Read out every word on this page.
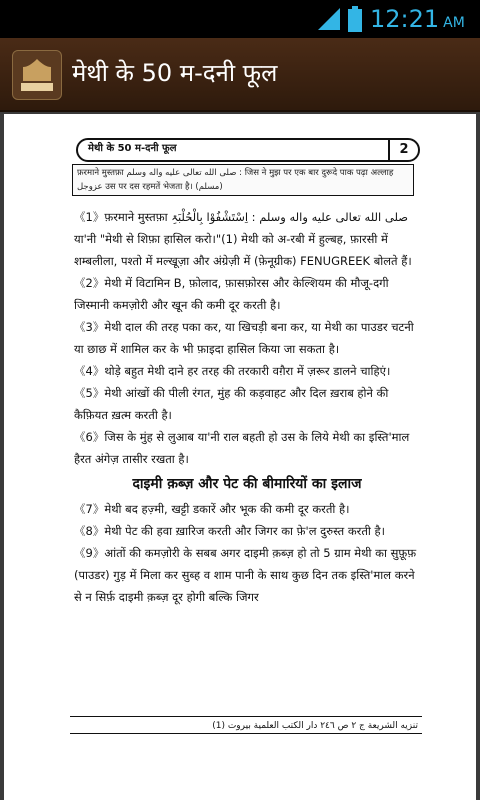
12:21 AM
मेथी के 50 म-दनी फूल
मेथी के 50 म-दनी फूल	2
फ़रमाने मुस्तफ़ा صلى الله تعالى عليه واله وسلم : जिस ने मुझ पर एक बार दुरूदे पाक पढ़ा अल्लाह عزوجل उस पर दस रहमतें भेजता है। (مسلم)

《1》फ़रमाने मुस्तफ़ा صلى الله تعالى عليه واله وسلم : اِسْتَشْفُوْا بِالْحُلْبَۃِ या'नी "मेथी से शिफ़ा हासिल करो।"(1) मेथी को अ-रबी में हुल्बह, फ़ारसी में शम्बलीला, पश्तो में मल्खूज़ा और अंग्रेज़ी में (फ़ेनूग्रीक) FENUGREEK बोलते हैं।

《2》मेथी में विटामिन B, फ़ोलाद, फ़ासफ़ोरस और केल्शियम की मौजू-दगी जिस्मानी कमज़ोरी और खून की कमी दूर करती है।

《3》मेथी दाल की तरह पका कर, या खिचड़ी बना कर, या मेथी का पाउडर चटनी या छाछ में शामिल कर के भी फ़ाइदा हासिल किया जा सकता है।

《4》थोड़े बहुत मेथी दाने हर तरह की तरकारी वग़ैरा में ज़रूर डालने चाहिएं।

《5》मेथी आंखों की पीली रंगत, मुंह की कड़वाहट और दिल ख़राब होने की कैफ़ियत ख़त्म करती है।

《6》जिस के मुंह से लुआब या'नी राल बहती हो उस के लिये मेथी का इस्ति'माल हैरत अंगेज़ तासीर रखता है।

दाइमी क़ब्ज़ और पेट की बीमारियों का इलाज

《7》मेथी बद हज़्मी, खट्टी डकारें और भूक की कमी दूर करती है।

《8》मेथी पेट की हवा ख़ारिज करती और जिगर का फ़े'ल दुरुस्त करती है।

《9》आंतों की कमज़ोरी के सबब अगर दाइमी क़ब्ज़ हो तो 5 ग्राम मेथी का सुफ़ूफ़ (पाउडर) गुड़ में मिला कर सुब्ह व शाम पानी के साथ कुछ दिन तक इस्ति'माल करने से न सिर्फ़ दाइमी क़ब्ज़ दूर होगी बल्कि जिगर

(1) تنزيه الشريعة ج ٢ ص ٢٤٦ دار الكتب العلمية بيروت
